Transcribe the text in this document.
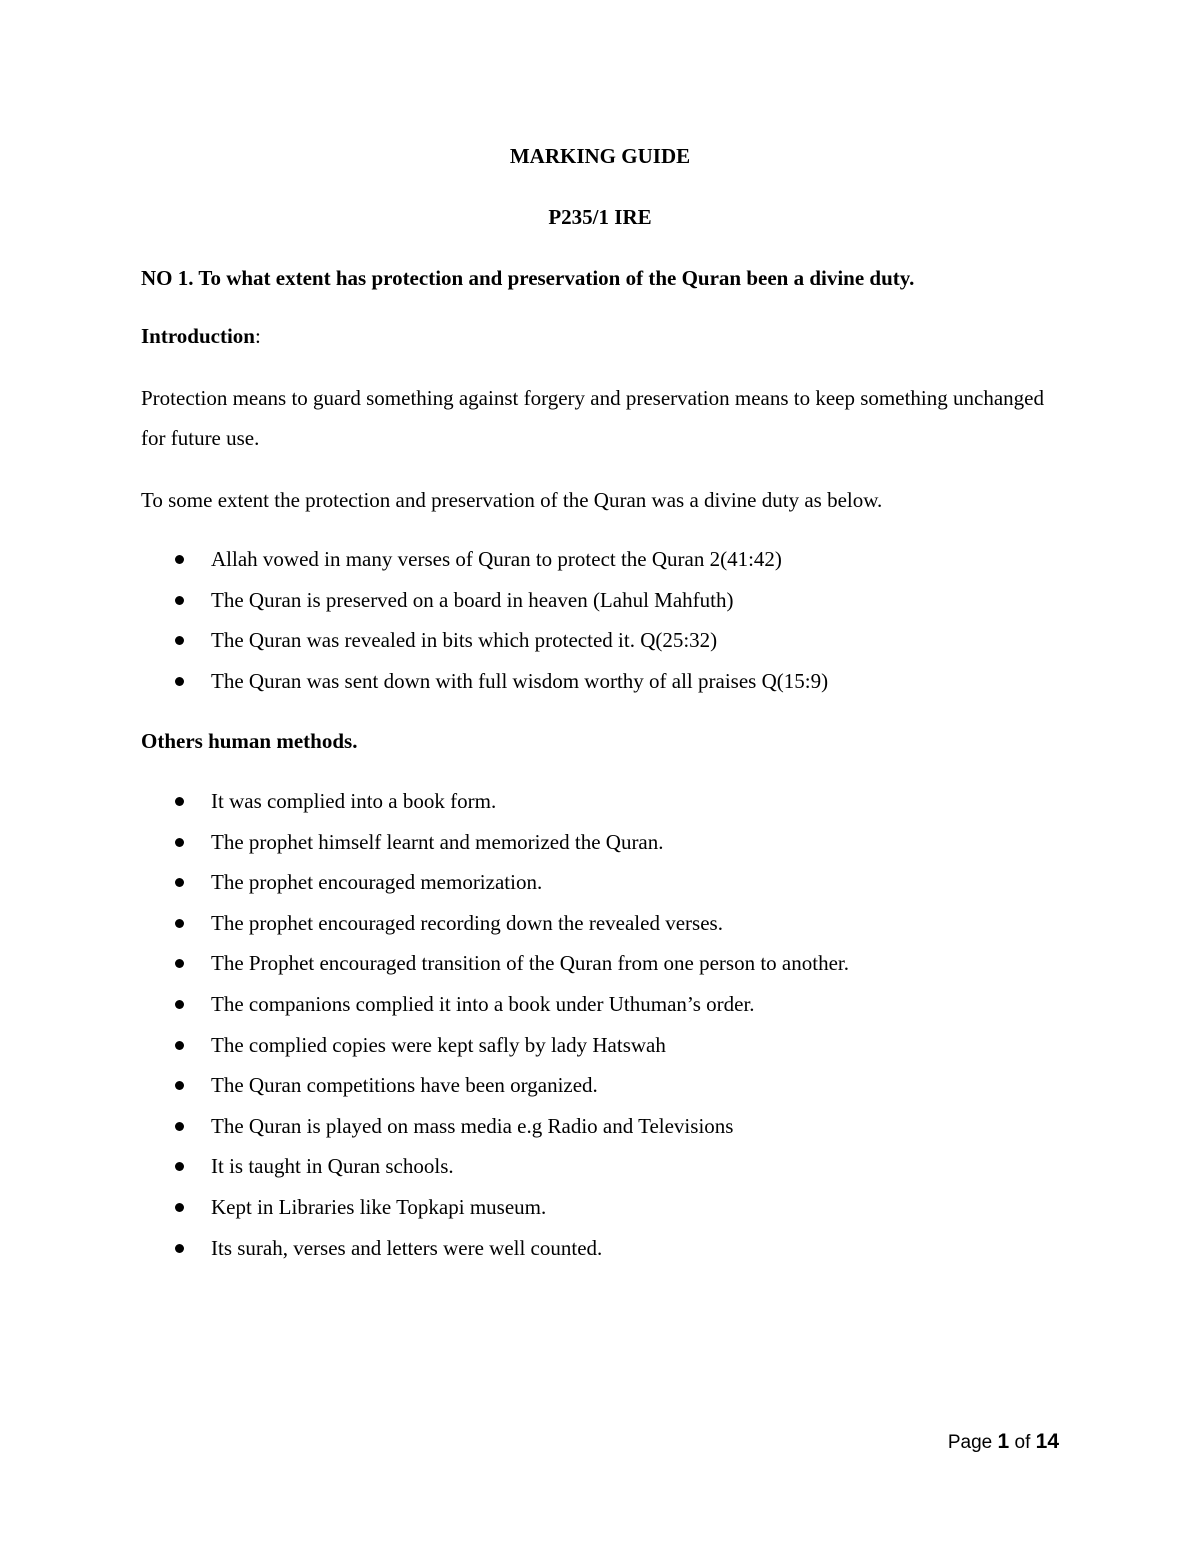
MARKING GUIDE
P235/1 IRE
NO 1. To what extent has protection and preservation of the Quran been a divine duty.
Introduction:
Protection means to guard something against forgery and preservation means to keep something unchanged for future use.
To some extent the protection and preservation of the Quran was a divine duty as below.
Allah vowed in many verses of Quran to protect the Quran 2(41:42)
The Quran is preserved on a board in heaven (Lahul Mahfuth)
The Quran was revealed in bits which protected it. Q(25:32)
The Quran was sent down with full wisdom worthy of all praises Q(15:9)
Others human methods.
It was complied into a book form.
The prophet himself learnt and memorized the Quran.
The prophet encouraged memorization.
The prophet encouraged recording down the revealed verses.
The Prophet encouraged transition of the Quran from one person to another.
The companions complied it into a book under Uthuman’s order.
The complied copies were kept safly by lady Hatswah
The Quran competitions have been organized.
The Quran is played on mass media e.g Radio and Televisions
It is taught in Quran schools.
Kept in Libraries like Topkapi museum.
Its surah, verses and letters were well counted.
Page 1 of 14
